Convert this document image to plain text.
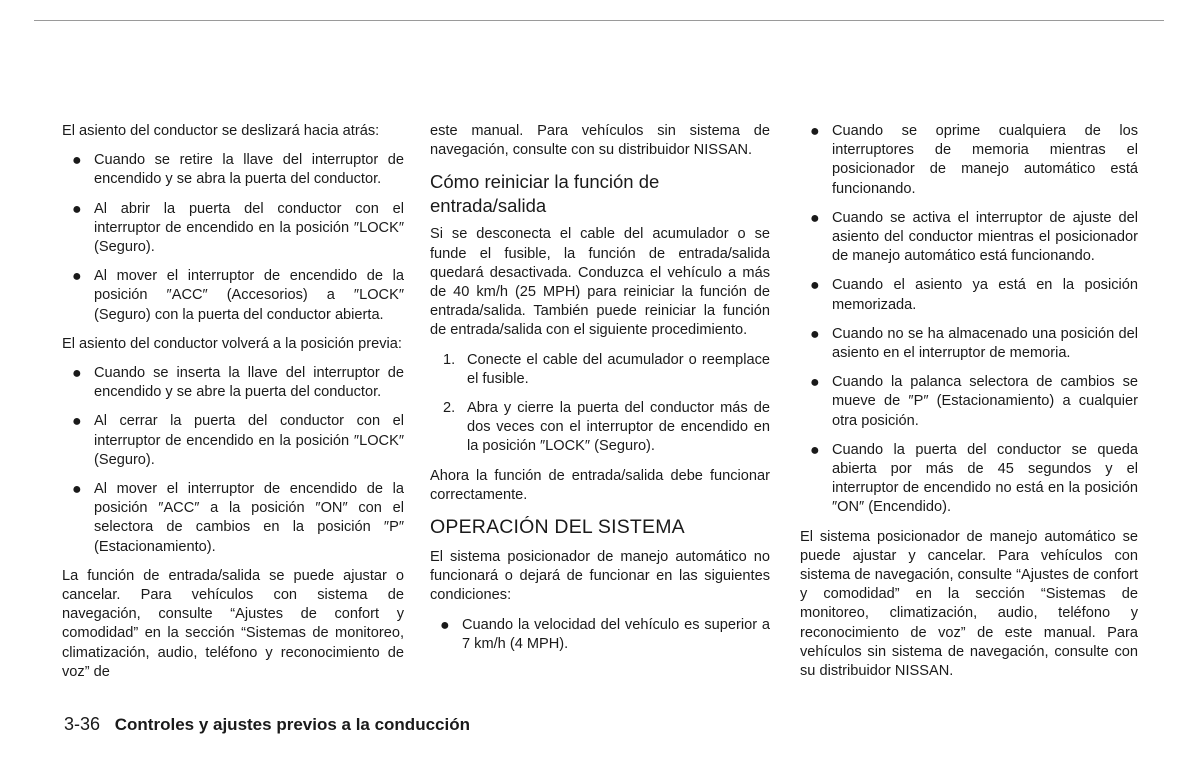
El asiento del conductor se deslizará hacia atrás:

● Cuando se retire la llave del interruptor de encendido y se abra la puerta del conductor.
● Al abrir la puerta del conductor con el interruptor de encendido en la posición ″LOCK″ (Seguro).
● Al mover el interruptor de encendido de la posición ″ACC″ (Accesorios) a ″LOCK″ (Seguro) con la puerta del conductor abierta.

El asiento del conductor volverá a la posición previa:

● Cuando se inserta la llave del interruptor de encendido y se abre la puerta del conductor.
● Al cerrar la puerta del conductor con el interruptor de encendido en la posición ″LOCK″ (Seguro).
● Al mover el interruptor de encendido de la posición ″ACC″ a la posición ″ON″ con el selectora de cambios en la posición ″P″ (Estacionamiento).

La función de entrada/salida se puede ajustar o cancelar. Para vehículos con sistema de navegación, consulte “Ajustes de confort y comodidad” en la sección “Sistemas de monitoreo, climatización, audio, teléfono y reconocimiento de voz” de

este manual. Para vehículos sin sistema de navegación, consulte con su distribuidor NISSAN.

Cómo reiniciar la función de entrada/salida

Si se desconecta el cable del acumulador o se funde el fusible, la función de entrada/salida quedará desactivada. Conduzca el vehículo a más de 40 km/h (25 MPH) para reiniciar la función de entrada/salida. También puede reiniciar la función de entrada/salida con el siguiente procedimiento.

1. Conecte el cable del acumulador o reemplace el fusible.
2. Abra y cierre la puerta del conductor más de dos veces con el interruptor de encendido en la posición ″LOCK″ (Seguro).

Ahora la función de entrada/salida debe funcionar correctamente.

OPERACIÓN DEL SISTEMA

El sistema posicionador de manejo automático no funcionará o dejará de funcionar en las siguientes condiciones:

● Cuando la velocidad del vehículo es superior a 7 km/h (4 MPH).
● Cuando se oprime cualquiera de los interruptores de memoria mientras el posicionador de manejo automático está funcionando.
● Cuando se activa el interruptor de ajuste del asiento del conductor mientras el posicionador de manejo automático está funcionando.
● Cuando el asiento ya está en la posición memorizada.
● Cuando no se ha almacenado una posición del asiento en el interruptor de memoria.
● Cuando la palanca selectora de cambios se mueve de ″P″ (Estacionamiento) a cualquier otra posición.
● Cuando la puerta del conductor se queda abierta por más de 45 segundos y el interruptor de encendido no está en la posición ″ON″ (Encendido).

El sistema posicionador de manejo automático se puede ajustar y cancelar. Para vehículos con sistema de navegación, consulte “Ajustes de confort y comodidad” en la sección “Sistemas de monitoreo, climatización, audio, teléfono y reconocimiento de voz” de este manual. Para vehículos sin sistema de navegación, consulte con su distribuidor NISSAN.

3-36 Controles y ajustes previos a la conducción
